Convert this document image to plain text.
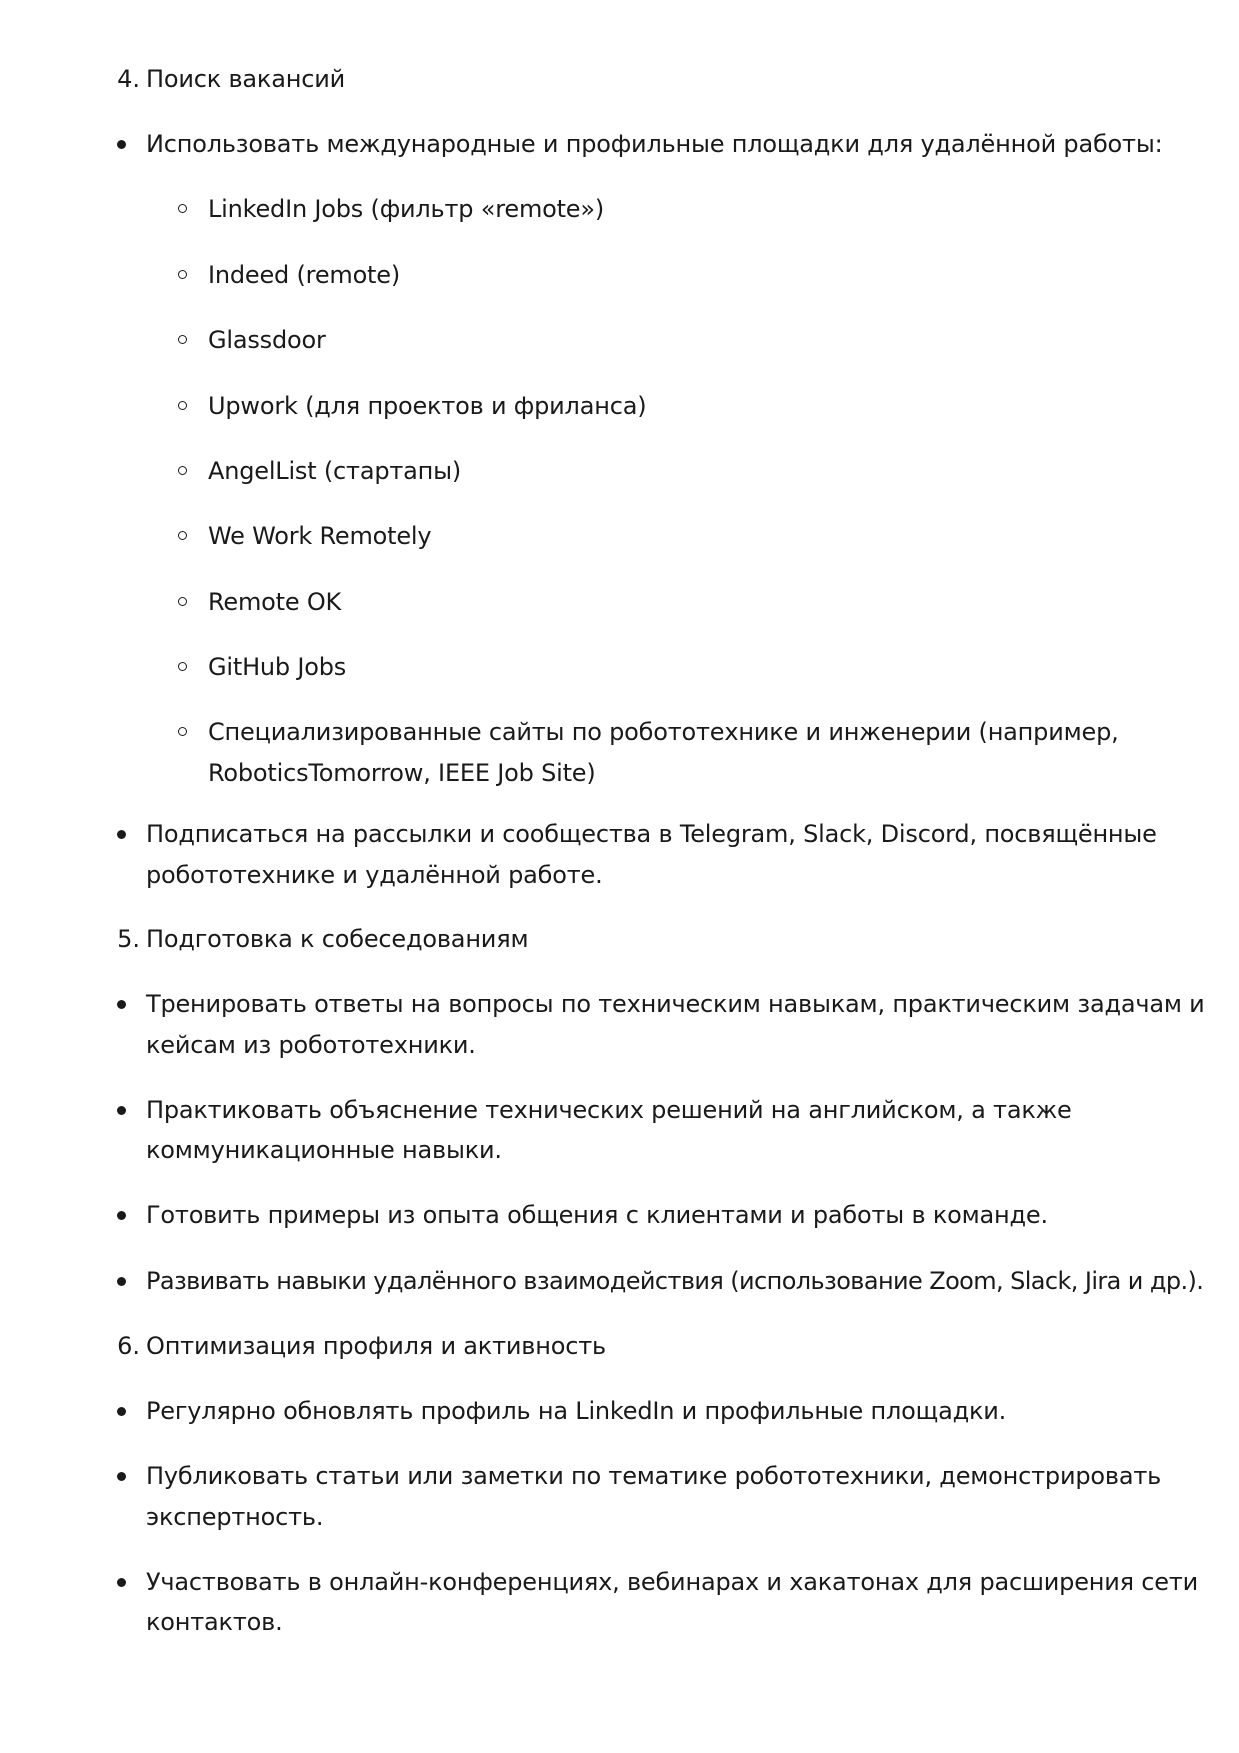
4. Поиск вакансий
Использовать международные и профильные площадки для удалённой работы:
LinkedIn Jobs (фильтр «remote»)
Indeed (remote)
Glassdoor
Upwork (для проектов и фриланса)
AngelList (стартапы)
We Work Remotely
Remote OK
GitHub Jobs
Специализированные сайты по робототехнике и инженерии (например,
RoboticsTomorrow, IEEE Job Site)
Подписаться на рассылки и сообщества в Telegram, Slack, Discord, посвящённые
робототехнике и удалённой работе.
5. Подготовка к собеседованиям
Тренировать ответы на вопросы по техническим навыкам, практическим задачам и
кейсам из робототехники.
Практиковать объяснение технических решений на английском, а также
коммуникационные навыки.
Готовить примеры из опыта общения с клиентами и работы в команде.
Развивать навыки удалённого взаимодействия (использование Zoom, Slack, Jira и др.).
6. Оптимизация профиля и активность
Регулярно обновлять профиль на LinkedIn и профильные площадки.
Публиковать статьи или заметки по тематике робототехники, демонстрировать
экспертность.
Участвовать в онлайн-конференциях, вебинарах и хакатонах для расширения сети
контактов.
